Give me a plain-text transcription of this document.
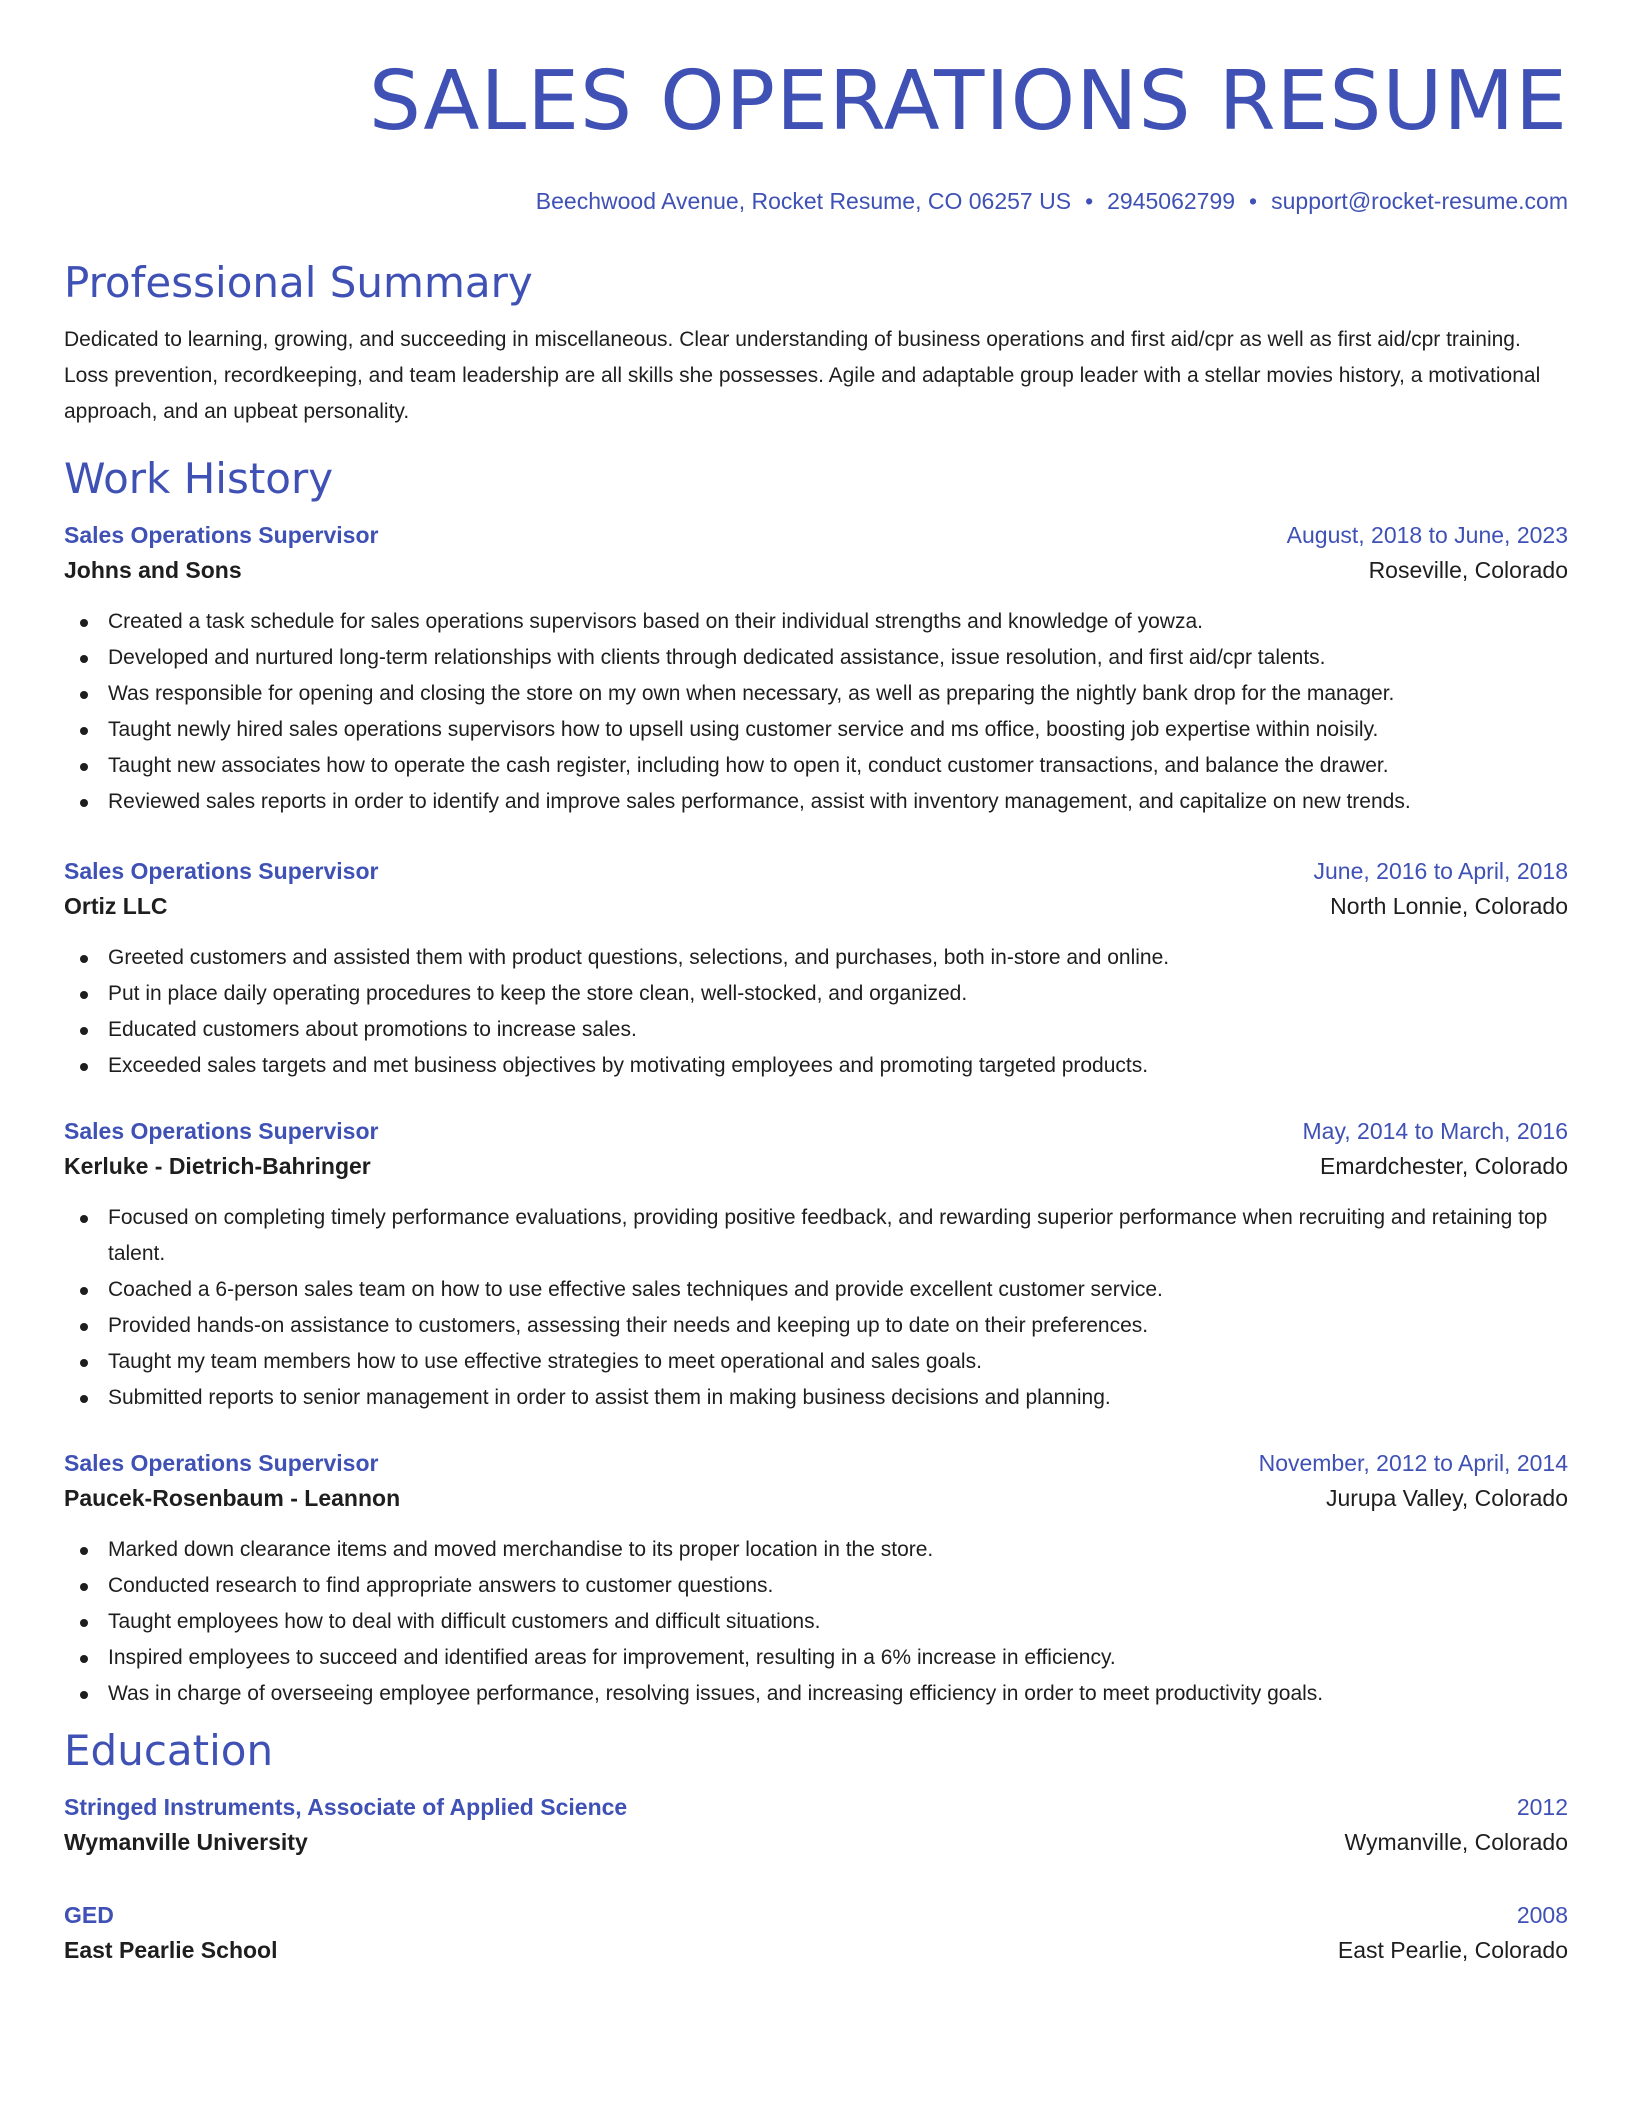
SALES OPERATIONS RESUME
Beechwood Avenue, Rocket Resume, CO 06257 US • 2945062799 • support@rocket-resume.com
Professional Summary

Dedicated to learning, growing, and succeeding in miscellaneous. Clear understanding of business operations and first aid/cpr as well as first aid/cpr training. Loss prevention, recordkeeping, and team leadership are all skills she possesses. Agile and adaptable group leader with a stellar movies history, a motivational approach, and an upbeat personality.

Work History
Sales Operations Supervisor	August, 2018 to June, 2023
Johns and Sons	Roseville, Colorado
Created a task schedule for sales operations supervisors based on their individual strengths and knowledge of yowza.
Developed and nurtured long-term relationships with clients through dedicated assistance, issue resolution, and first aid/cpr talents.
Was responsible for opening and closing the store on my own when necessary, as well as preparing the nightly bank drop for the manager.
Taught newly hired sales operations supervisors how to upsell using customer service and ms office, boosting job expertise within noisily.
Taught new associates how to operate the cash register, including how to open it, conduct customer transactions, and balance the drawer.
Reviewed sales reports in order to identify and improve sales performance, assist with inventory management, and capitalize on new trends.
Sales Operations Supervisor	June, 2016 to April, 2018
Ortiz LLC	North Lonnie, Colorado
Greeted customers and assisted them with product questions, selections, and purchases, both in-store and online.
Put in place daily operating procedures to keep the store clean, well-stocked, and organized.
Educated customers about promotions to increase sales.
Exceeded sales targets and met business objectives by motivating employees and promoting targeted products.
Sales Operations Supervisor	May, 2014 to March, 2016
Kerluke - Dietrich-Bahringer	Emardchester, Colorado
Focused on completing timely performance evaluations, providing positive feedback, and rewarding superior performance when recruiting and retaining top talent.
Coached a 6-person sales team on how to use effective sales techniques and provide excellent customer service.
Provided hands-on assistance to customers, assessing their needs and keeping up to date on their preferences.
Taught my team members how to use effective strategies to meet operational and sales goals.
Submitted reports to senior management in order to assist them in making business decisions and planning.
Sales Operations Supervisor	November, 2012 to April, 2014
Paucek-Rosenbaum - Leannon	Jurupa Valley, Colorado
Marked down clearance items and moved merchandise to its proper location in the store.
Conducted research to find appropriate answers to customer questions.
Taught employees how to deal with difficult customers and difficult situations.
Inspired employees to succeed and identified areas for improvement, resulting in a 6% increase in efficiency.
Was in charge of overseeing employee performance, resolving issues, and increasing efficiency in order to meet productivity goals.
Education
Stringed Instruments, Associate of Applied Science	2012
Wymanville University	Wymanville, Colorado
GED	2008
East Pearlie School	East Pearlie, Colorado
